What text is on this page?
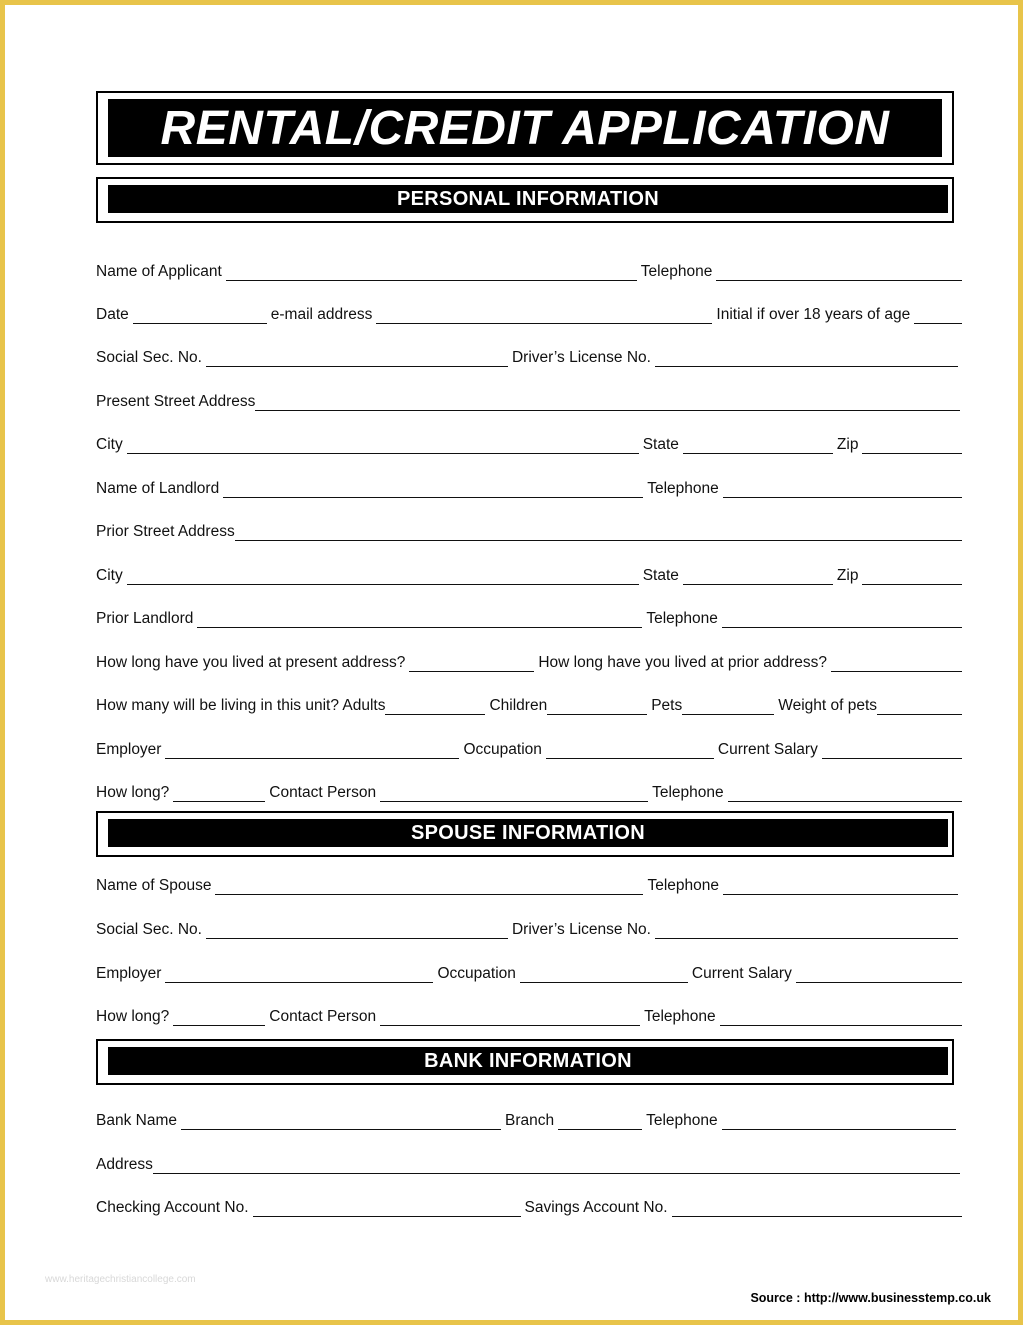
RENTAL/CREDIT APPLICATION
PERSONAL INFORMATION
Name of Applicant	Telephone
Date	e-mail address	Initial if over 18 years of age
Social Sec. No.	Driver’s License No.
Present Street Address
City	State	Zip
Name of Landlord	Telephone
Prior Street Address
City	State	Zip
Prior Landlord	Telephone
How long have you lived at present address?	How long have you lived at prior address?
How many will be living in this unit? Adults	Children	Pets	Weight of pets
Employer	Occupation	Current Salary
How long?	Contact Person	Telephone
SPOUSE INFORMATION
Name of Spouse	Telephone
Social Sec. No.	Driver’s License No.
Employer	Occupation	Current Salary
How long?	Contact Person	Telephone
BANK INFORMATION
Bank Name	Branch	Telephone
Address
Checking Account No.	Savings Account No.
www.heritagechristiancollege.com
Source : http://www.businesstemp.co.uk
